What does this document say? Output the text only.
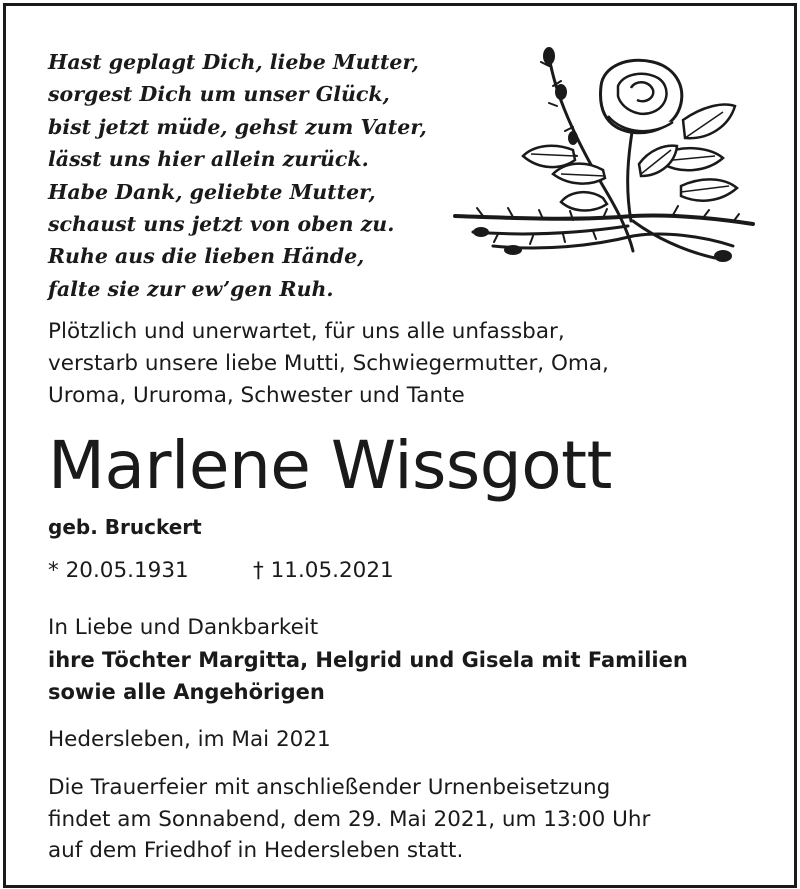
Hast geplagt Dich, liebe Mutter,
sorgest Dich um unser Glück,
bist jetzt müde, gehst zum Vater,
lässt uns hier allein zurück.
Habe Dank, geliebte Mutter,
schaust uns jetzt von oben zu.
Ruhe aus die lieben Hände,
falte sie zur ew’gen Ruh.
Plötzlich und unerwartet, für uns alle unfassbar,
verstarb unsere liebe Mutti, Schwiegermutter, Oma,
Uroma, Ururoma, Schwester und Tante
Marlene Wissgott
geb. Bruckert
* 20.05.1931	† 11.05.2021
In Liebe und Dankbarkeit
ihre Töchter Margitta, Helgrid und Gisela mit Familien
sowie alle Angehörigen
Hedersleben, im Mai 2021
Die Trauerfeier mit anschließender Urnenbeisetzung
findet am Sonnabend, dem 29. Mai 2021, um 13:00 Uhr
auf dem Friedhof in Hedersleben statt.
